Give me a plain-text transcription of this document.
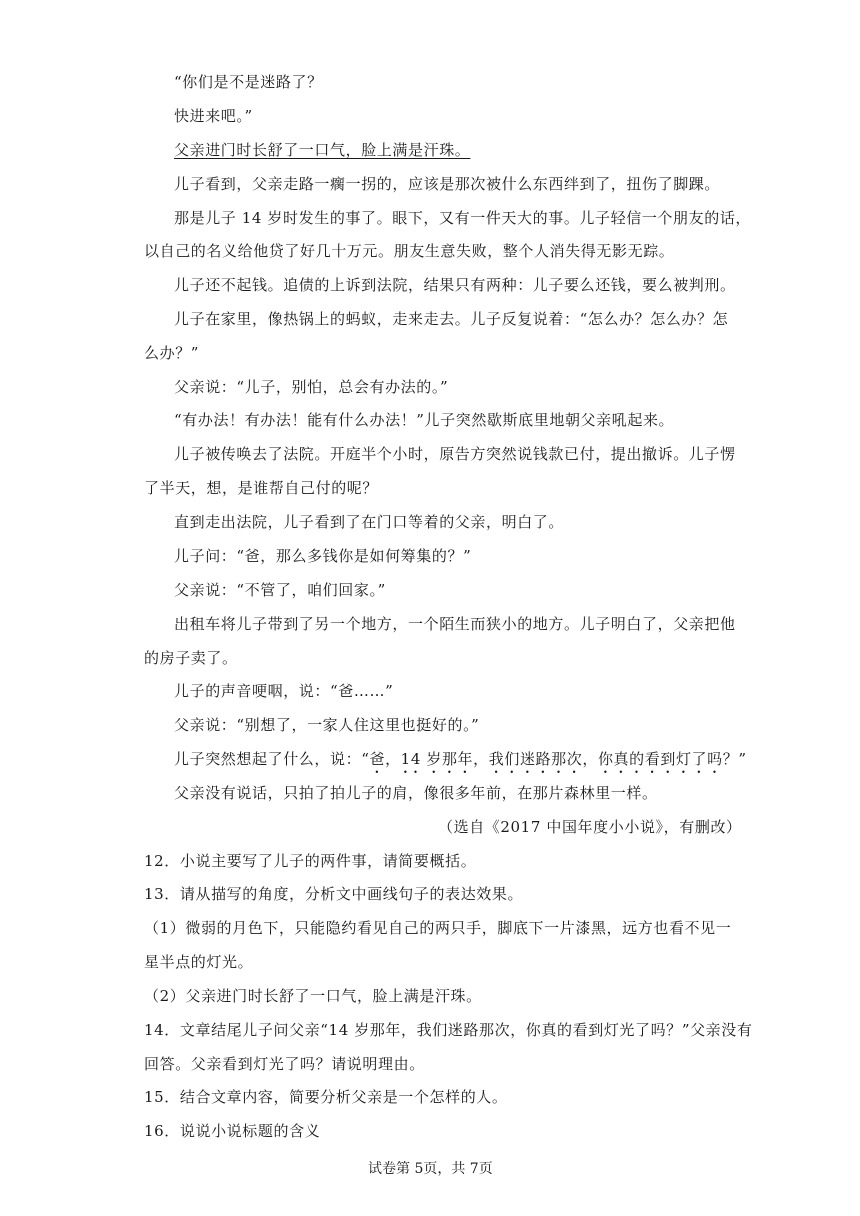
“你们是不是迷路了？
快进来吧。”
父亲进门时长舒了一口气，脸上满是汗珠。
儿子看到，父亲走路一瘸一拐的，应该是那次被什么东西绊到了，扭伤了脚踝。
那是儿子 14 岁时发生的事了。眼下，又有一件天大的事。儿子轻信一个朋友的话，
以自己的名义给他贷了好几十万元。朋友生意失败，整个人消失得无影无踪。
儿子还不起钱。追债的上诉到法院，结果只有两种：儿子要么还钱，要么被判刑。
儿子在家里，像热锅上的蚂蚁，走来走去。儿子反复说着：“怎么办？怎么办？怎
么办？”
父亲说：“儿子，别怕，总会有办法的。”
“有办法！有办法！能有什么办法！”儿子突然歇斯底里地朝父亲吼起来。
儿子被传唤去了法院。开庭半个小时，原告方突然说钱款已付，提出撤诉。儿子愣
了半天，想，是谁帮自己付的呢？
直到走出法院，儿子看到了在门口等着的父亲，明白了。
儿子问：“爸，那么多钱你是如何筹集的？”
父亲说：“不管了，咱们回家。”
出租车将儿子带到了另一个地方，一个陌生而狭小的地方。儿子明白了，父亲把他
的房子卖了。
儿子的声音哽咽，说：“爸……”
父亲说：“别想了，一家人住这里也挺好的。”
儿子突然想起了什么，说：“爸，14 岁那年，我们迷路那次，你真的看到灯了吗？”
父亲没有说话，只拍了拍儿子的肩，像很多年前，在那片森林里一样。
（选自《2017 中国年度小小说》，有删改）
12．小说主要写了儿子的两件事，请简要概括。
13．请从描写的角度，分析文中画线句子的表达效果。
（1）微弱的月色下，只能隐约看见自己的两只手，脚底下一片漆黑，远方也看不见一
星半点的灯光。
（2）父亲进门时长舒了一口气，脸上满是汗珠。
14．文章结尾儿子问父亲“14 岁那年，我们迷路那次，你真的看到灯光了吗？”父亲没有
回答。父亲看到灯光了吗？请说明理由。
15．结合文章内容，简要分析父亲是一个怎样的人。
16．说说小说标题的含义
试卷第 5页，共 7页
